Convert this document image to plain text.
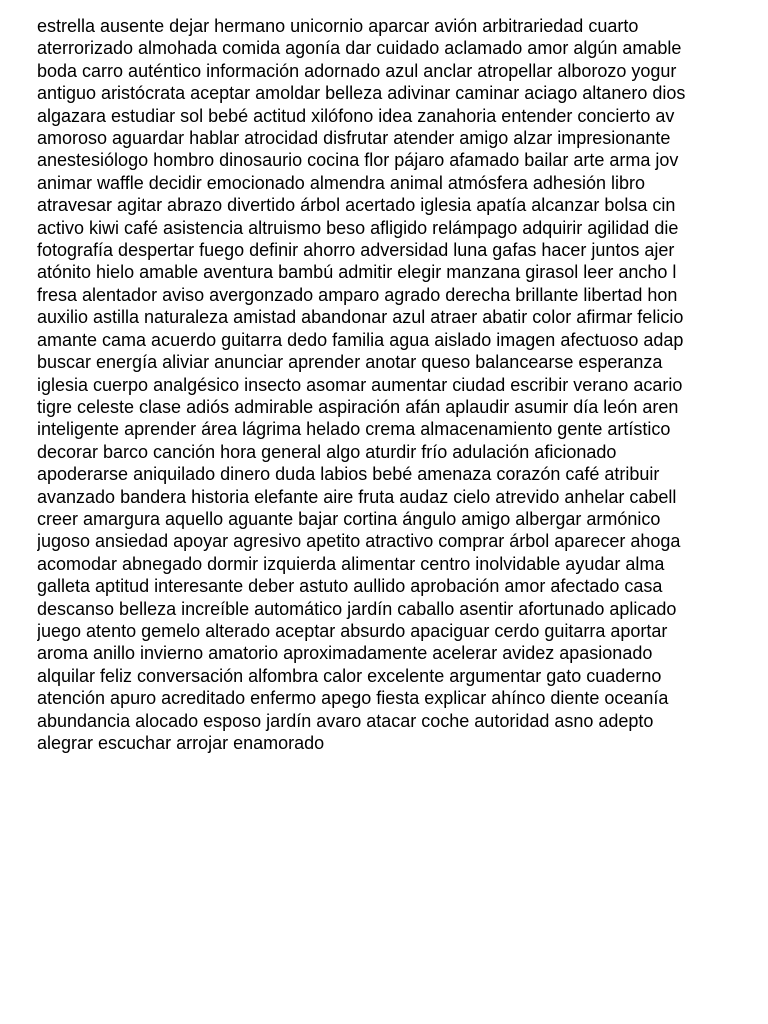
estrella ausente dejar hermano unicornio aparcar avión arbitrariedad cuarto
aterrorizado almohada comida agonía dar cuidado aclamado amor algún amable
boda carro auténtico información adornado azul anclar atropellar alborozo yogur
antiguo aristócrata aceptar amoldar belleza adivinar caminar aciago altanero dios
algazara estudiar sol bebé actitud xilófono idea zanahoria entender concierto av
amoroso aguardar hablar atrocidad disfrutar atender amigo alzar impresionante
anestesiólogo hombro dinosaurio cocina flor pájaro afamado bailar arte arma jov
animar waffle decidir emocionado almendra animal atmósfera adhesión libro
atravesar agitar abrazo divertido árbol acertado iglesia apatía alcanzar bolsa cin
activo kiwi café asistencia altruismo beso afligido relámpago adquirir agilidad die
fotografía despertar fuego definir ahorro adversidad luna gafas hacer juntos ajer
atónito hielo amable aventura bambú admitir elegir manzana girasol leer ancho l
fresa alentador aviso avergonzado amparo agrado derecha brillante libertad hon
auxilio astilla naturaleza amistad abandonar azul atraer abatir color afirmar felicio
amante cama acuerdo guitarra dedo familia agua aislado imagen afectuoso adap
buscar energía aliviar anunciar aprender anotar queso balancearse esperanza
iglesia cuerpo analgésico insecto asomar aumentar ciudad escribir verano acario
tigre celeste clase adiós admirable aspiración afán aplaudir asumir día león aren
inteligente aprender área lágrima helado crema almacenamiento gente artístico
decorar barco canción hora general algo aturdir frío adulación aficionado
apoderarse aniquilado dinero duda labios bebé amenaza corazón café atribuir
avanzado bandera historia elefante aire fruta audaz cielo atrevido anhelar cabell
creer amargura aquello aguante bajar cortina ángulo amigo albergar armónico
jugoso ansiedad apoyar agresivo apetito atractivo comprar árbol aparecer ahoga
acomodar abnegado dormir izquierda alimentar centro inolvidable ayudar alma
galleta aptitud interesante deber astuto aullido aprobación amor afectado casa
descanso belleza increíble automático jardín caballo asentir afortunado aplicado
juego atento gemelo alterado aceptar absurdo apaciguar cerdo guitarra aportar
aroma anillo invierno amatorio aproximadamente acelerar avidez apasionado
alquilar feliz conversación alfombra calor excelente argumentar gato cuaderno
atención apuro acreditado enfermo apego fiesta explicar ahínco diente oceanía
abundancia alocado esposo jardín avaro atacar coche autoridad asno adepto
alegrar escuchar arrojar enamorado
